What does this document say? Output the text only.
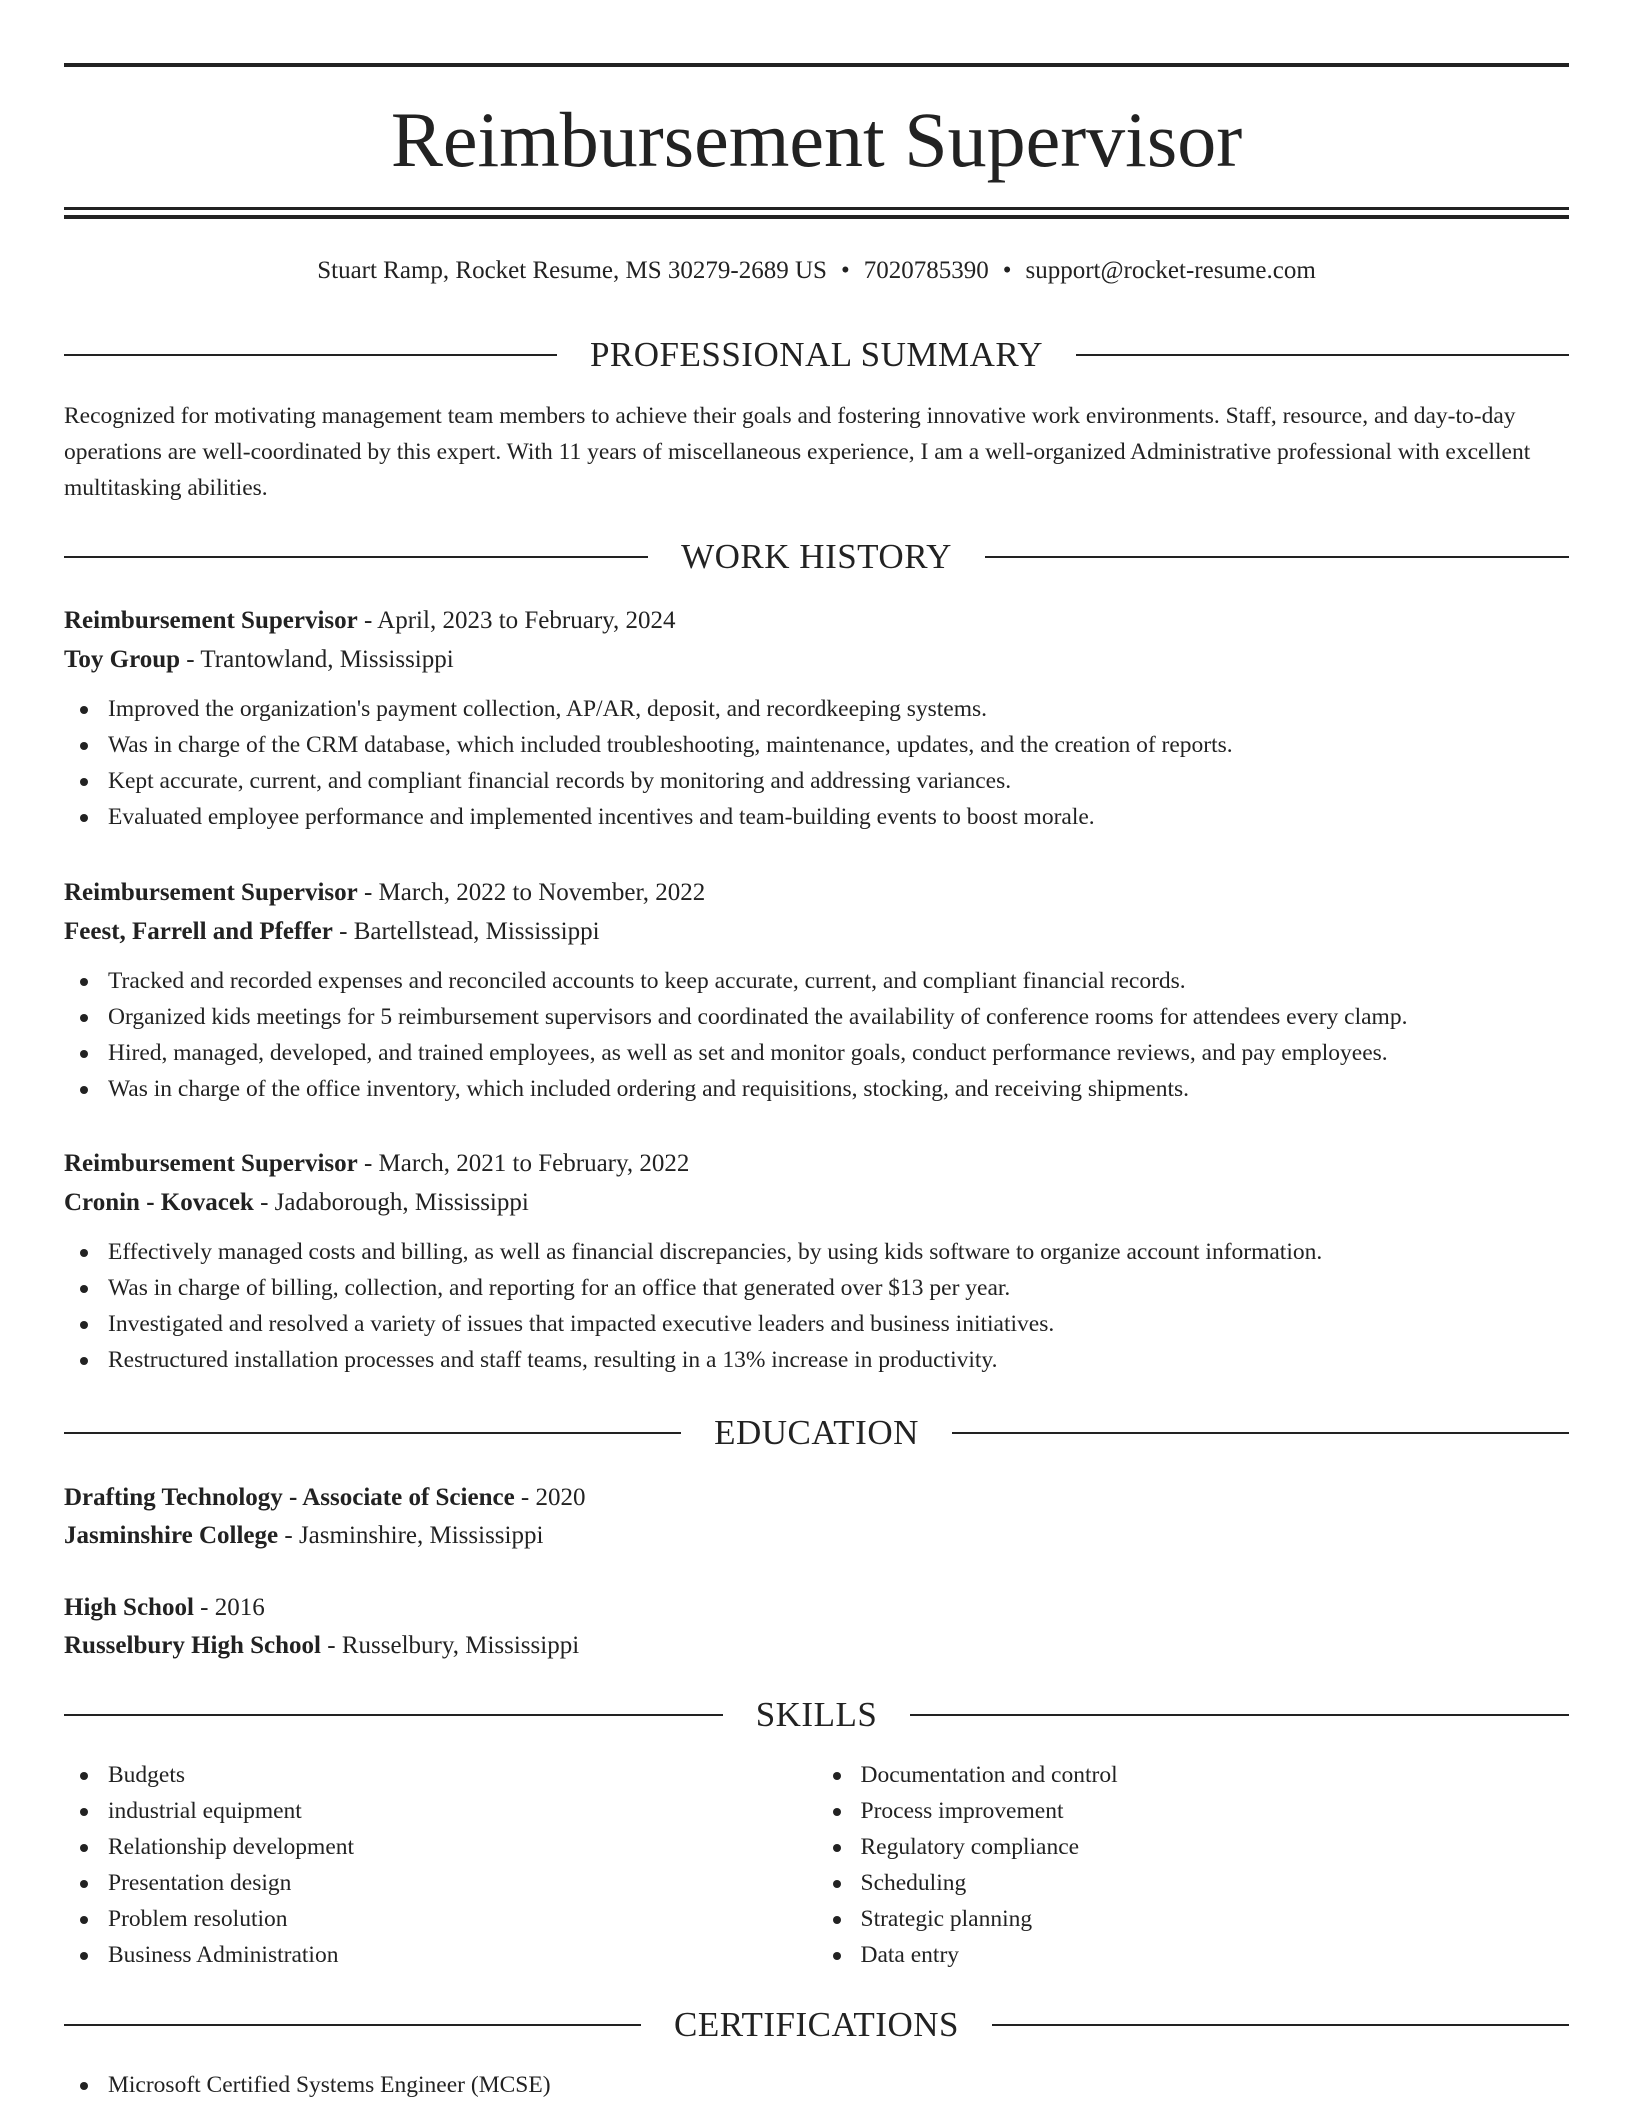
Reimbursement Supervisor
Stuart Ramp, Rocket Resume, MS 30279-2689 US • 7020785390 • support@rocket-resume.com
PROFESSIONAL SUMMARY

Recognized for motivating management team members to achieve their goals and fostering innovative work environments. Staff, resource, and day-to-day operations are well-coordinated by this expert. With 11 years of miscellaneous experience, I am a well-organized Administrative professional with excellent multitasking abilities.

WORK HISTORY

Reimbursement Supervisor - April, 2023 to February, 2024

Toy Group - Trantowland, Mississippi

Improved the organization's payment collection, AP/AR, deposit, and recordkeeping systems.
Was in charge of the CRM database, which included troubleshooting, maintenance, updates, and the creation of reports.
Kept accurate, current, and compliant financial records by monitoring and addressing variances.
Evaluated employee performance and implemented incentives and team-building events to boost morale.

Reimbursement Supervisor - March, 2022 to November, 2022

Feest, Farrell and Pfeffer - Bartellstead, Mississippi

Tracked and recorded expenses and reconciled accounts to keep accurate, current, and compliant financial records.
Organized kids meetings for 5 reimbursement supervisors and coordinated the availability of conference rooms for attendees every clamp.
Hired, managed, developed, and trained employees, as well as set and monitor goals, conduct performance reviews, and pay employees.
Was in charge of the office inventory, which included ordering and requisitions, stocking, and receiving shipments.

Reimbursement Supervisor - March, 2021 to February, 2022

Cronin - Kovacek - Jadaborough, Mississippi

Effectively managed costs and billing, as well as financial discrepancies, by using kids software to organize account information.
Was in charge of billing, collection, and reporting for an office that generated over $13 per year.
Investigated and resolved a variety of issues that impacted executive leaders and business initiatives.
Restructured installation processes and staff teams, resulting in a 13% increase in productivity.
EDUCATION

Drafting Technology - Associate of Science - 2020

Jasminshire College - Jasminshire, Mississippi

High School - 2016

Russelbury High School - Russelbury, Mississippi

SKILLS
Budgets
industrial equipment
Relationship development
Presentation design
Problem resolution
Business Administration
Documentation and control
Process improvement
Regulatory compliance
Scheduling
Strategic planning
Data entry
CERTIFICATIONS
Microsoft Certified Systems Engineer (MCSE)
